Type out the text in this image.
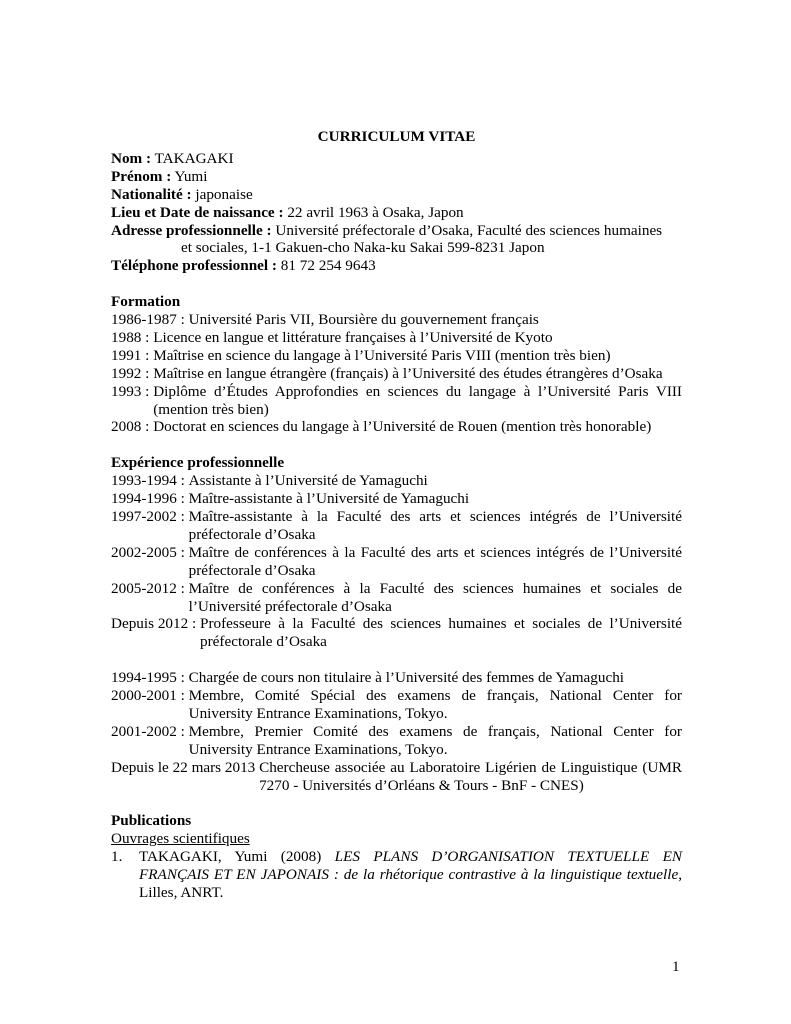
CURRICULUM VITAE
Nom : TAKAGAKI
Prénom : Yumi
Nationalité : japonaise
Lieu et Date de naissance : 22 avril 1963 à Osaka, Japon
Adresse professionnelle : Université préfectorale d’Osaka, Faculté des sciences humaines
et sociales, 1-1 Gakuen-cho Naka-ku Sakai 599-8231 Japon
Téléphone professionnel : 81 72 254 9643
Formation
1986-1987 : Université Paris VII, Boursière du gouvernement français
1988 : Licence en langue et littérature françaises à l’Université de Kyoto
1991 : Maîtrise en science du langage à l’Université Paris VIII (mention très bien)
1992 : Maîtrise en langue étrangère (français) à l’Université des études étrangères d’Osaka
1993 : Diplôme d’Études Approfondies en sciences du langage à l’Université Paris VIII (mention très bien)
2008 : Doctorat en sciences du langage à l’Université de Rouen (mention très honorable)
Expérience professionnelle
1993-1994 : Assistante à l’Université de Yamaguchi
1994-1996 : Maître-assistante à l’Université de Yamaguchi
1997-2002 : Maître-assistante à la Faculté des arts et sciences intégrés de l’Université préfectorale d’Osaka
2002-2005 : Maître de conférences à la Faculté des arts et sciences intégrés de l’Université préfectorale d’Osaka
2005-2012 : Maître de conférences à la Faculté des sciences humaines et sociales de l’Université préfectorale d’Osaka
Depuis 2012 : Professeure à la Faculté des sciences humaines et sociales de l’Université préfectorale d’Osaka
1994-1995 : Chargée de cours non titulaire à l’Université des femmes de Yamaguchi
2000-2001 : Membre, Comité Spécial des examens de français, National Center for University Entrance Examinations, Tokyo.
2001-2002 : Membre, Premier Comité des examens de français, National Center for University Entrance Examinations, Tokyo.
Depuis le 22 mars 2013 Chercheuse associée au Laboratoire Ligérien de Linguistique (UMR 7270 - Universités d’Orléans & Tours - BnF - CNES)
Publications
Ouvrages scientifiques
1.	TAKAGAKI, Yumi (2008) LES PLANS D’ORGANISATION TEXTUELLE EN FRANÇAIS ET EN JAPONAIS : de la rhétorique contrastive à la linguistique textuelle, Lilles, ANRT.
1
